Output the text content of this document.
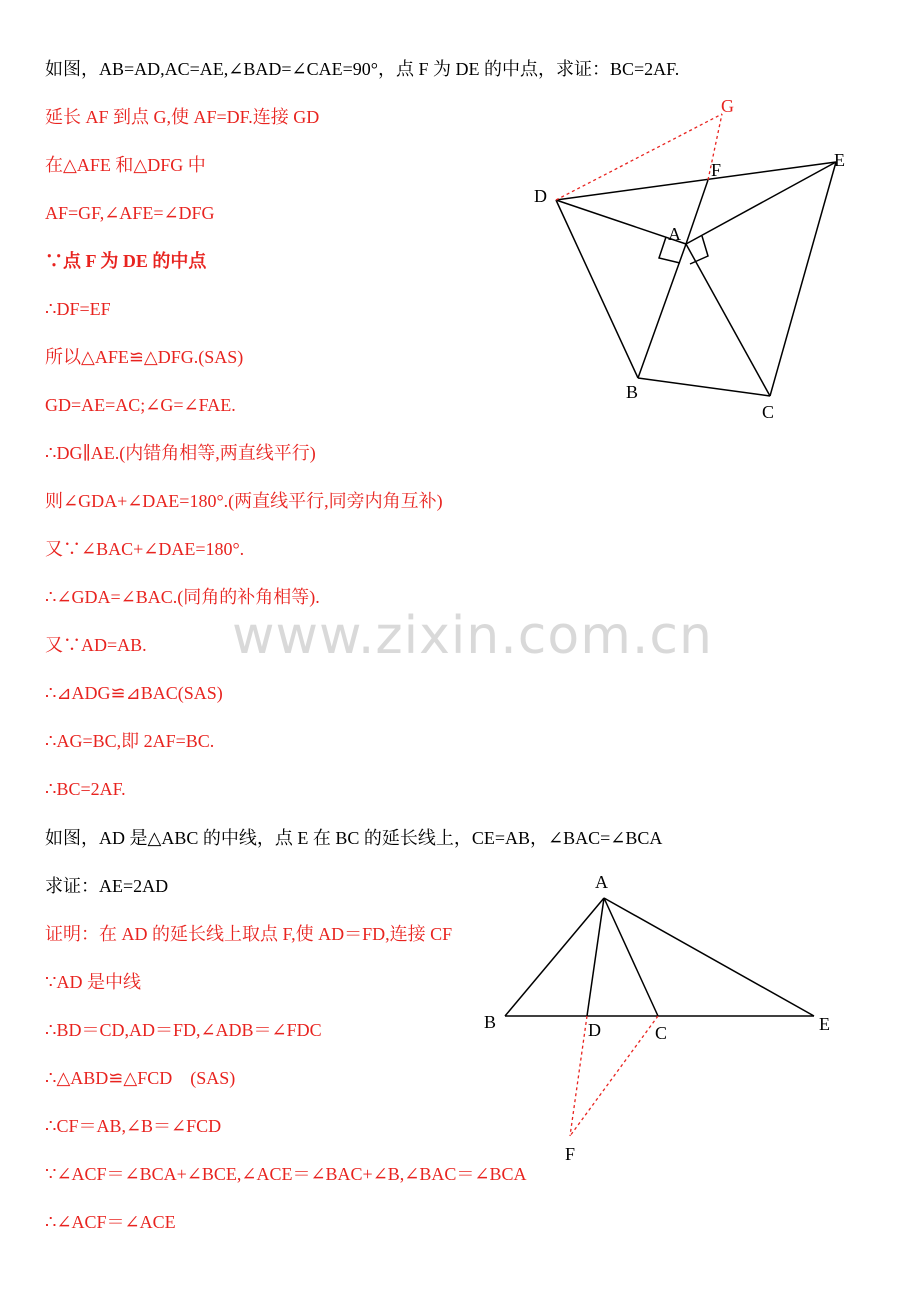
www.zixin.com.cn
如图，AB=AD,AC=AE,∠BAD=∠CAE=90°，点 F 为 DE 的中点，求证：BC=2AF.
延长 AF 到点 G,使 AF=DF.连接 GD
在△AFE 和△DFG 中
AF=GF,∠AFE=∠DFG
∵点 F 为 DE 的中点
∴DF=EF
所以△AFE≌△DFG.(SAS)
GD=AE=AC;∠G=∠FAE.
∴DG∥AE.(内错角相等,两直线平行)
则∠GDA+∠DAE=180°.(两直线平行,同旁内角互补)
又∵∠BAC+∠DAE=180°.
∴∠GDA=∠BAC.(同角的补角相等).
又∵AD=AB.
∴⊿ADG≌⊿BAC(SAS)
∴AG=BC,即 2AF=BC.
∴BC=2AF.
如图，AD 是△ABC 的中线，点 E 在 BC 的延长线上，CE=AB，∠BAC=∠BCA
求证：AE=2AD
证明：在 AD 的延长线上取点 F,使 AD＝FD,连接 CF
∵AD 是中线
∴BD＝CD,AD＝FD,∠ADB＝∠FDC
∴△ABD≌△FCD　(SAS)
∴CF＝AB,∠B＝∠FCD
∵∠ACF＝∠BCA+∠BCE,∠ACE＝∠BAC+∠B,∠BAC＝∠BCA
∴∠ACF＝∠ACE
G
F	E
D
A
B
C
A
B	D	C	E
F
